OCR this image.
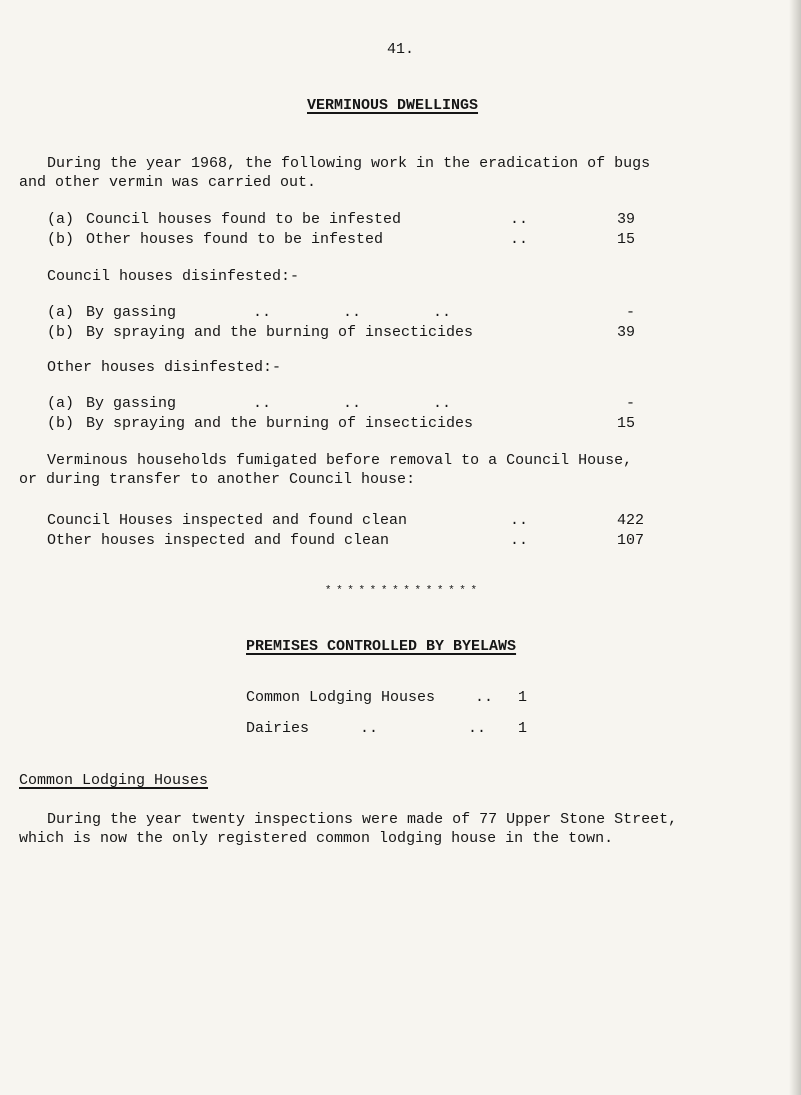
41.
VERMINOUS DWELLINGS
During the year 1968, the following work in the eradication of bugs
and other vermin was carried out.
(a) Council houses found to be infested	..	39
(b) Other houses found to be infested	..	15
Council houses disinfested:-
(a) By gassing	..        ..        ..	-
(b) By spraying and the burning of insecticides	39
Other houses disinfested:-
(a) By gassing	..        ..        ..	-
(b) By spraying and the burning of insecticides	15
Verminous households fumigated before removal to a Council House,
or during transfer to another Council house:
Council Houses inspected and found clean	..	422
Other houses inspected and found clean	..	107
* * * * * * * * * * * * * *
PREMISES CONTROLLED BY BYELAWS
Common Lodging Houses	.. 1
Dairies	..          .. 1
Common Lodging Houses
During the year twenty inspections were made of 77 Upper Stone Street,
which is now the only registered common lodging house in the town.
